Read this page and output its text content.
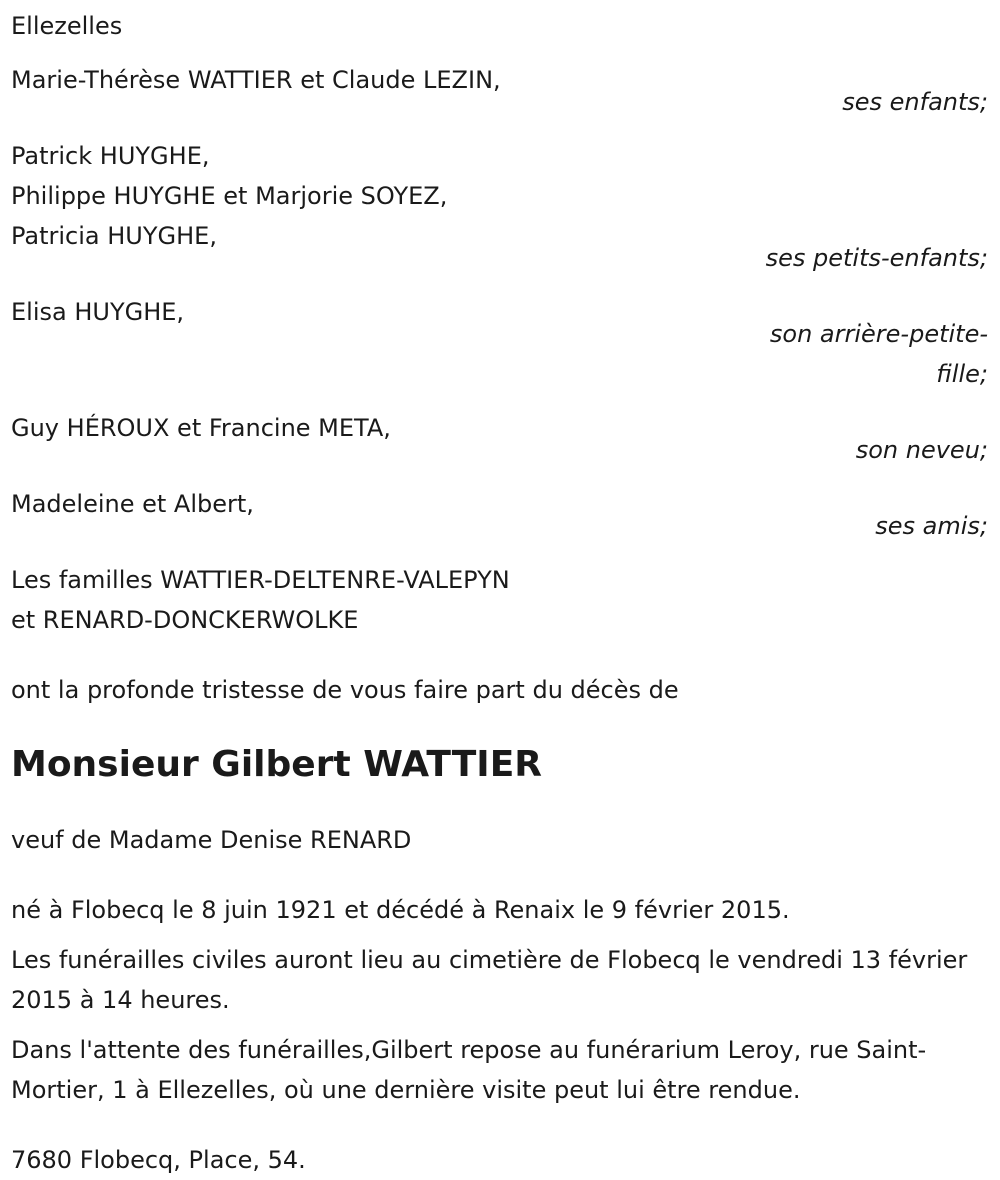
Ellezelles
Marie-Thérèse WATTIER et Claude LEZIN,
ses enfants;
Patrick HUYGHE,
Philippe HUYGHE et Marjorie SOYEZ,
Patricia HUYGHE,
ses petits-enfants;
Elisa HUYGHE,
son arrière-petite-
fille;
Guy HÉROUX et Francine META,
son neveu;
Madeleine et Albert,
ses amis;
Les familles WATTIER-DELTENRE-VALEPYN
et RENARD-DONCKERWOLKE
ont la profonde tristesse de vous faire part du décès de
Monsieur Gilbert WATTIER
veuf de Madame Denise RENARD
né à Flobecq le 8 juin 1921 et décédé à Renaix le 9 février 2015.
Les funérailles civiles auront lieu au cimetière de Flobecq le vendredi 13 février 2015 à 14 heures.
Dans l'attente des funérailles,Gilbert repose au funérarium Leroy, rue Saint-Mortier, 1 à Ellezelles, où une dernière visite peut lui être rendue.
7680 Flobecq, Place, 54.
